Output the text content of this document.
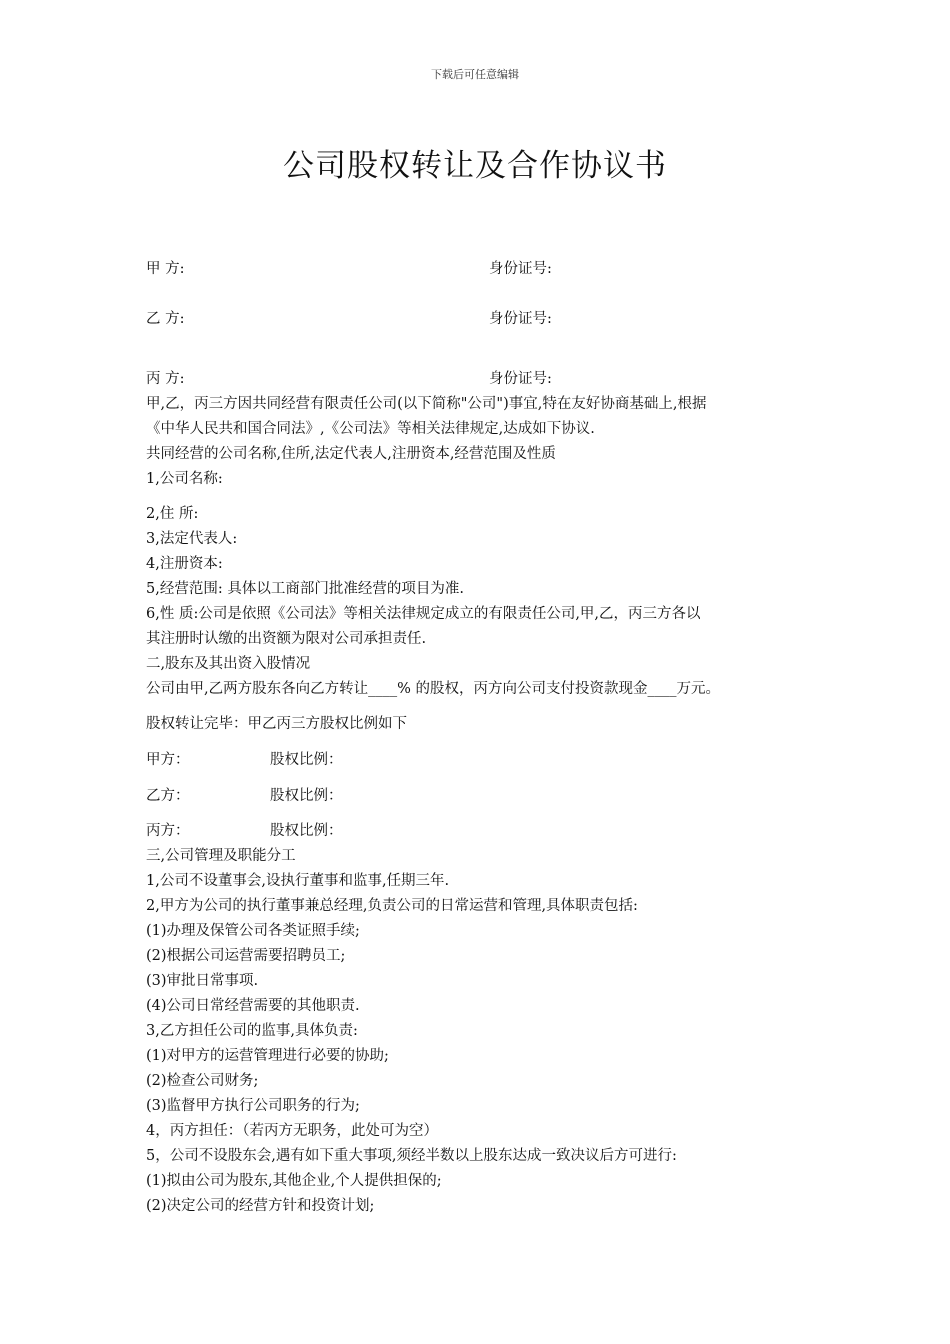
下载后可任意编辑
公司股权转让及合作协议书
甲 方:	身份证号:
乙 方:	身份证号:
丙 方:	身份证号:
甲,乙，丙三方因共同经营有限责任公司(以下简称"公司")事宜,特在友好协商基础上,根据
《中华人民共和国合同法》,《公司法》等相关法律规定,达成如下协议.
共同经营的公司名称,住所,法定代表人,注册资本,经营范围及性质
1,公司名称:
2,住 所:
3,法定代表人:
4,注册资本:
5,经营范围: 具体以工商部门批准经营的项目为准.
6,性 质:公司是依照《公司法》等相关法律规定成立的有限责任公司,甲,乙，丙三方各以
其注册时认缴的出资额为限对公司承担责任.
二,股东及其出资入股情况
公司由甲,乙两方股东各向乙方转让____% 的股权，丙方向公司支付投资款现金____万元。
股权转让完毕：甲乙丙三方股权比例如下
甲方：	股权比例：
乙方：	股权比例：
丙方：	股权比例：
三,公司管理及职能分工
1,公司不设董事会,设执行董事和监事,任期三年.
2,甲方为公司的执行董事兼总经理,负责公司的日常运营和管理,具体职责包括:
(1)办理及保管公司各类证照手续;
(2)根据公司运营需要招聘员工;
(3)审批日常事项.
(4)公司日常经营需要的其他职责.
3,乙方担任公司的监事,具体负责:
(1)对甲方的运营管理进行必要的协助;
(2)检查公司财务;
(3)监督甲方执行公司职务的行为;
4，丙方担任：（若丙方无职务，此处可为空）
5，公司不设股东会,遇有如下重大事项,须经半数以上股东达成一致决议后方可进行:
(1)拟由公司为股东,其他企业,个人提供担保的;
(2)决定公司的经营方针和投资计划;
